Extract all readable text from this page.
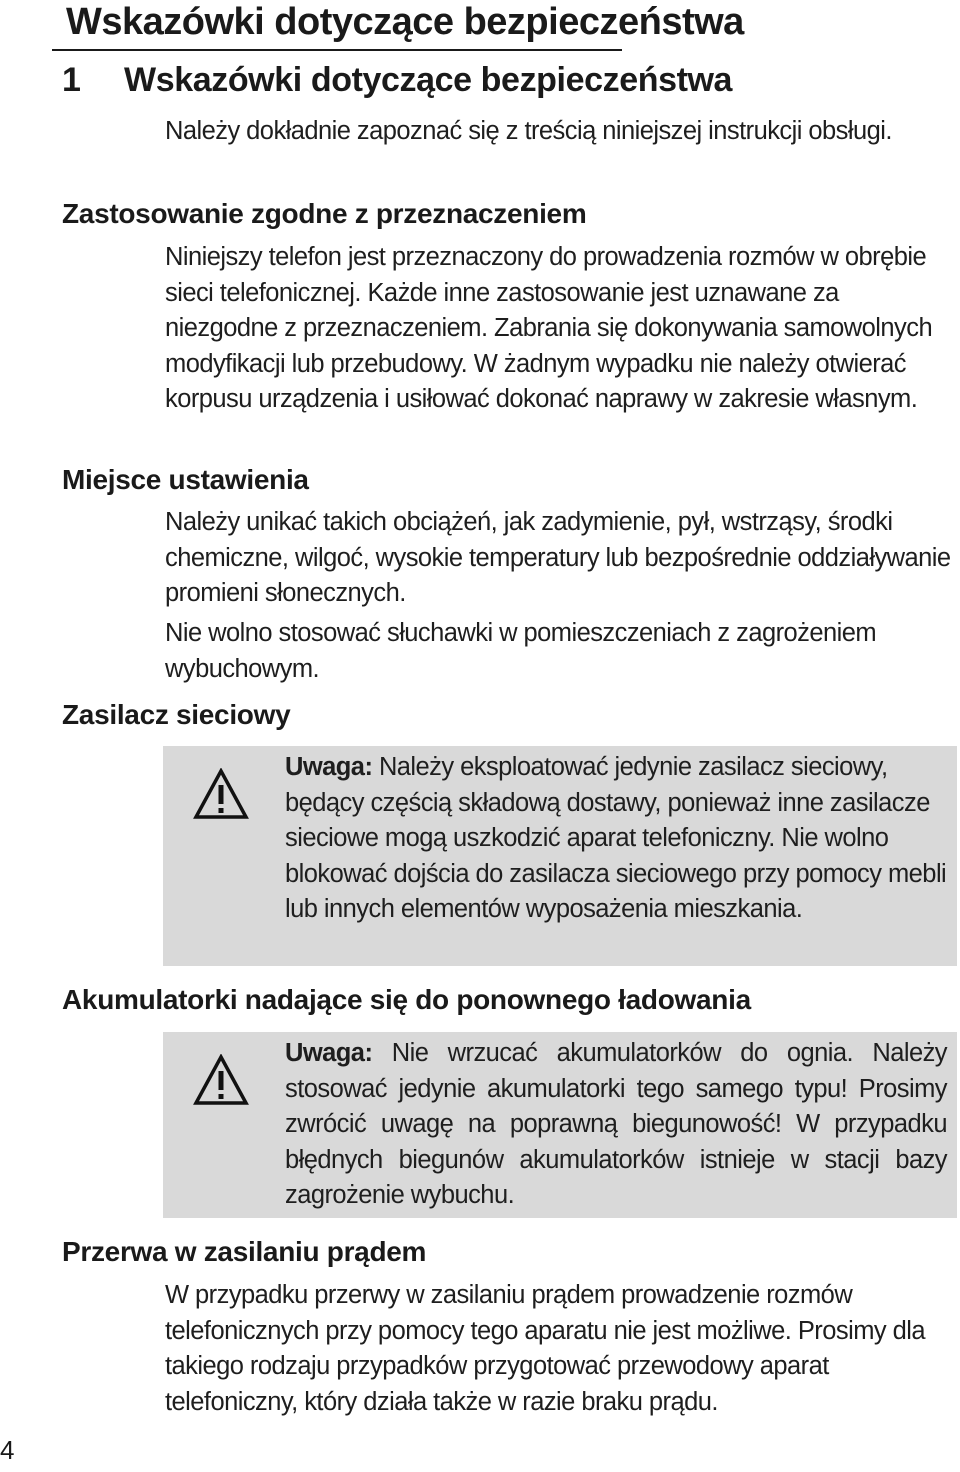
Wskazówki dotyczące bezpieczeństwa
1 Wskazówki dotyczące bezpieczeństwa
Należy dokładnie zapoznać się z treścią niniejszej instrukcji obsługi.
Zastosowanie zgodne z przeznaczeniem
Niniejszy telefon jest przeznaczony do prowadzenia rozmów w obrębie sieci telefonicznej. Każde inne zastosowanie jest uznawane za niezgodne z przeznaczeniem. Zabrania się dokonywania samowolnych modyfikacji lub przebudowy. W żadnym wypadku nie należy otwierać korpusu urządzenia i usiłować dokonać naprawy w zakresie własnym.
Miejsce ustawienia
Należy unikać takich obciążeń, jak zadymienie, pył, wstrząsy, środki chemiczne, wilgoć, wysokie temperatury lub bezpośrednie oddziaływanie promieni słonecznych.
Nie wolno stosować słuchawki w pomieszczeniach z zagrożeniem wybuchowym.
Zasilacz sieciowy
Uwaga: Należy eksploatować jedynie zasilacz sieciowy, będący częścią składową dostawy, ponieważ inne zasilacze sieciowe mogą uszkodzić aparat telefoniczny. Nie wolno blokować dojścia do zasilacza sieciowego przy pomocy mebli lub innych elementów wyposażenia mieszkania.
Akumulatorki nadające się do ponownego ładowania
Uwaga: Nie wrzucać akumulatorków do ognia. Należy stosować jedynie akumulatorki tego samego typu! Prosimy zwrócić uwagę na poprawną biegunowość! W przypadku błędnych biegunów akumulatorków istnieje w stacji bazy zagrożenie wybuchu.
Przerwa w zasilaniu prądem
W przypadku przerwy w zasilaniu prądem prowadzenie rozmów telefonicznych przy pomocy tego aparatu nie jest możliwe. Prosimy dla takiego rodzaju przypadków przygotować przewodowy aparat telefoniczny, który działa także w razie braku prądu.
4
